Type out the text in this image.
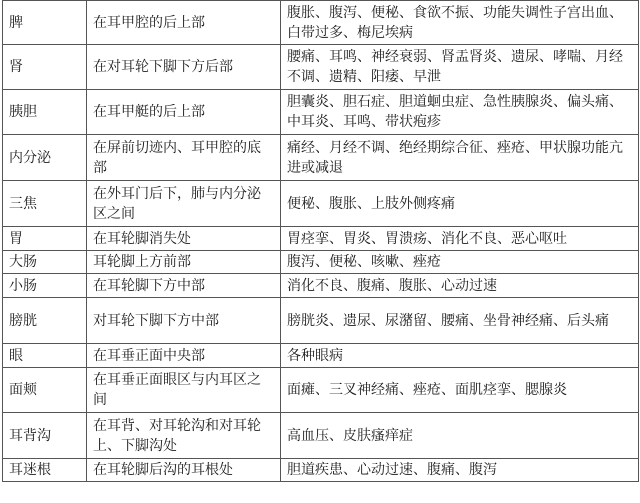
脾	在耳甲腔的后上部	腹胀、腹泻、便秘、食欲不振、功能失调性子宫出血、白带过多、梅尼埃病
肾	在对耳轮下脚下方后部	腰痛、耳鸣、神经衰弱、肾盂肾炎、遗尿、哮喘、月经不调、遗精、阳痿、早泄
胰胆	在耳甲艇的后上部	胆囊炎、胆石症、胆道蛔虫症、急性胰腺炎、偏头痛、中耳炎、耳鸣、带状疱疹
内分泌	在屏前切迹内、耳甲腔的底部	痛经、月经不调、绝经期综合征、痤疮、甲状腺功能亢进或减退
三焦	在外耳门后下，肺与内分泌区之间	便秘、腹胀、上肢外侧疼痛
胃	在耳轮脚消失处	胃痉挛、胃炎、胃溃疡、消化不良、恶心呕吐
大肠	耳轮脚上方前部	腹泻、便秘、咳嗽、痤疮
小肠	在耳轮脚下方中部	消化不良、腹痛、腹胀、心动过速
膀胱	对耳轮下脚下方中部	膀胱炎、遗尿、尿潴留、腰痛、坐骨神经痛、后头痛
眼	在耳垂正面中央部	各种眼病
面颊	在耳垂正面眼区与内耳区之间	面瘫、三叉神经痛、痤疮、面肌痉挛、腮腺炎
耳背沟	在耳背、对耳轮沟和对耳轮上、下脚沟处	高血压、皮肤瘙痒症
耳迷根	在耳轮脚后沟的耳根处	胆道疾患、心动过速、腹痛、腹泻
